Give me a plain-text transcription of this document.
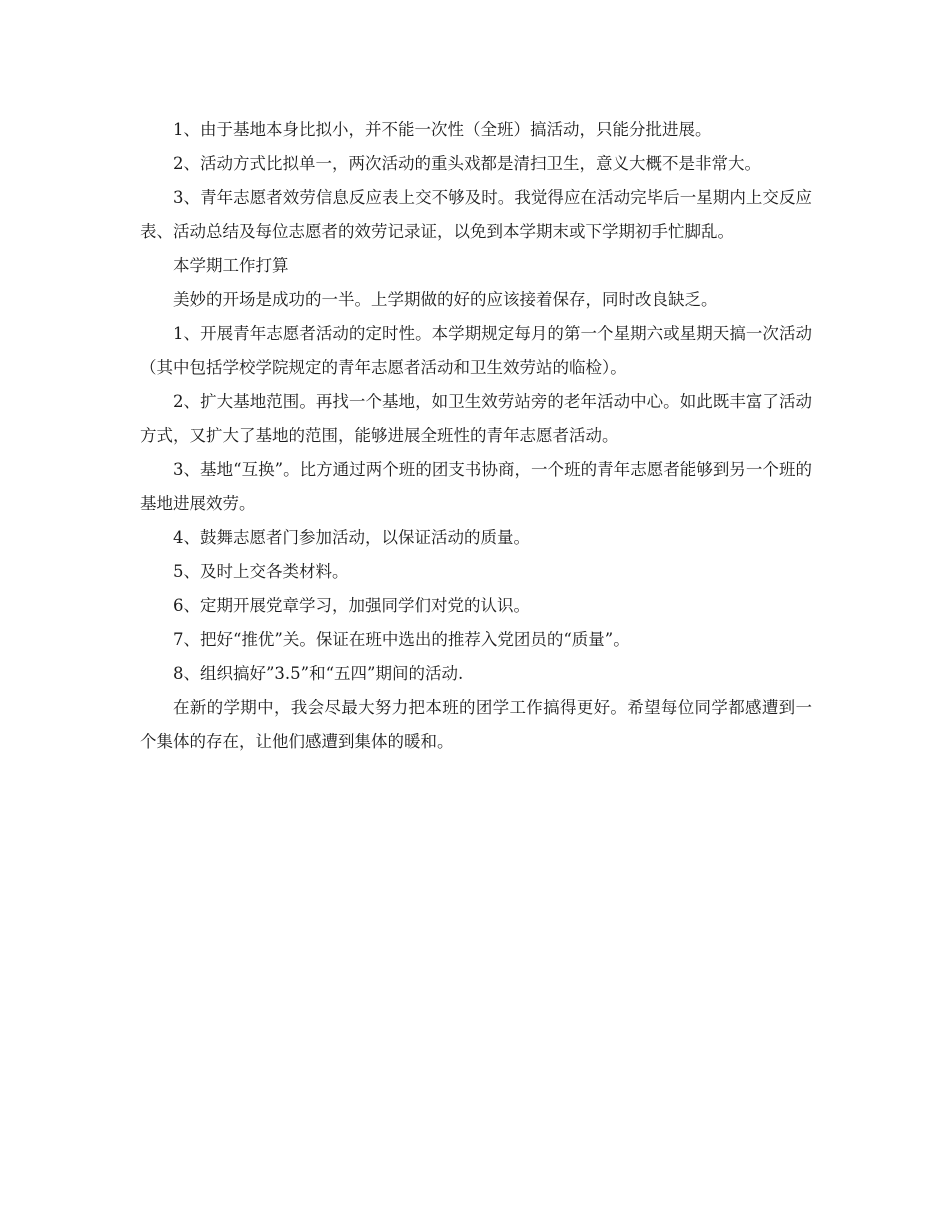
1、由于基地本身比拟小，并不能一次性（全班）搞活动，只能分批进展。

2、活动方式比拟单一，两次活动的重头戏都是清扫卫生，意义大概不是非常大。

3、青年志愿者效劳信息反应表上交不够及时。我觉得应在活动完毕后一星期内上交反应表、活动总结及每位志愿者的效劳记录证，以免到本学期末或下学期初手忙脚乱。

本学期工作打算

美妙的开场是成功的一半。上学期做的好的应该接着保存，同时改良缺乏。

1、开展青年志愿者活动的定时性。本学期规定每月的第一个星期六或星期天搞一次活动（其中包括学校学院规定的青年志愿者活动和卫生效劳站的临检）。

2、扩大基地范围。再找一个基地，如卫生效劳站旁的老年活动中心。如此既丰富了活动方式，又扩大了基地的范围，能够进展全班性的青年志愿者活动。

3、基地“互换”。比方通过两个班的团支书协商，一个班的青年志愿者能够到另一个班的基地进展效劳。

4、鼓舞志愿者门参加活动，以保证活动的质量。

5、及时上交各类材料。

6、定期开展党章学习，加强同学们对党的认识。

7、把好“推优”关。保证在班中选出的推荐入党团员的“质量”。

8、组织搞好”3.5”和“五四”期间的活动.

在新的学期中，我会尽最大努力把本班的团学工作搞得更好。希望每位同学都感遭到一个集体的存在，让他们感遭到集体的暖和。
